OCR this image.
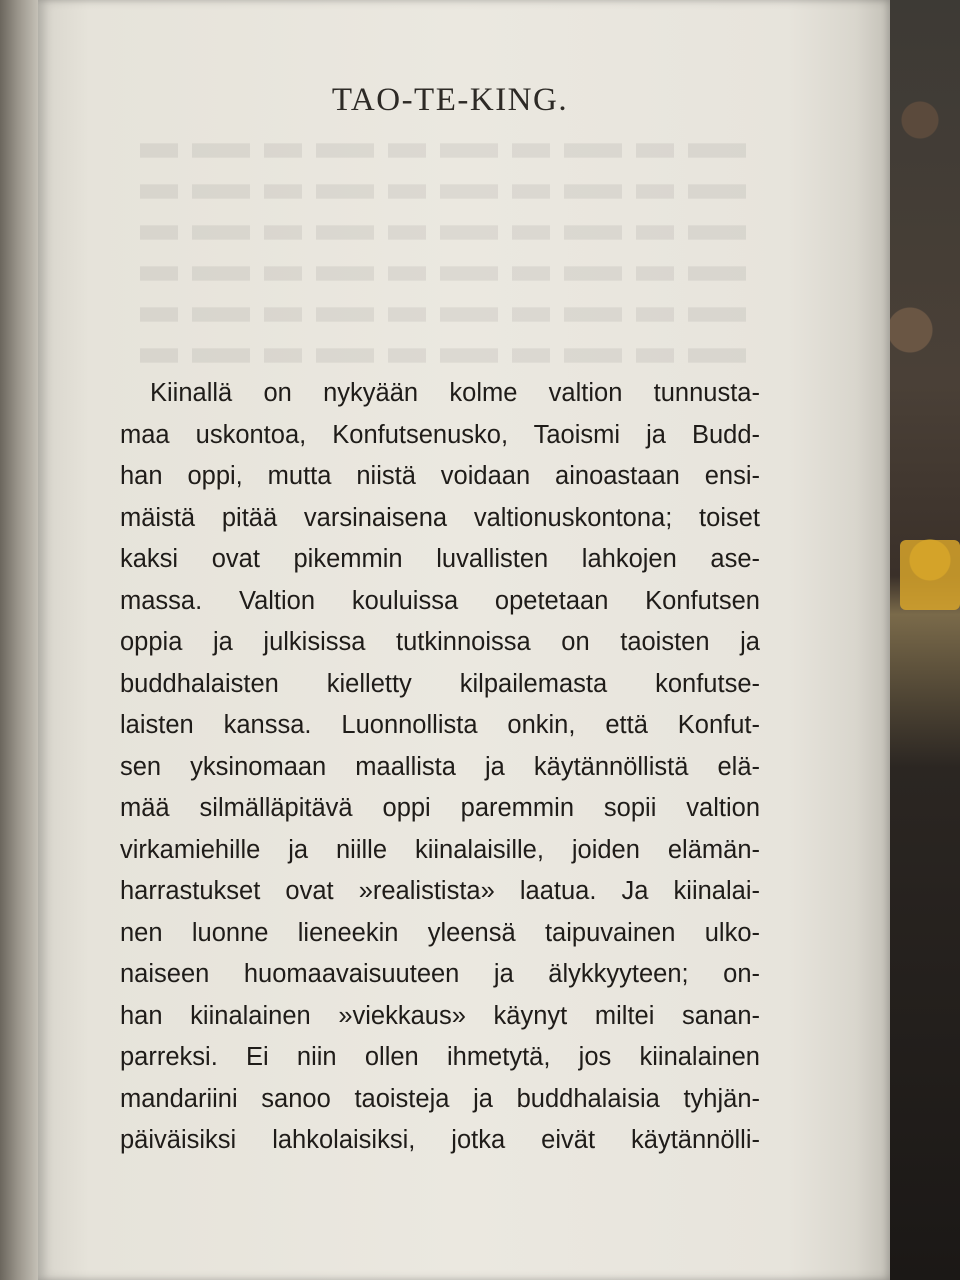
TAO-TE-KING.
Kiinallä on nykyään kolme valtion tunnusta-
maa uskontoa, Konfutsenusko, Taoismi ja Budd-
han oppi, mutta niistä voidaan ainoastaan ensi-
mäistä pitää varsinaisena valtionuskontona; toiset
kaksi ovat pikemmin luvallisten lahkojen ase-
massa. Valtion kouluissa opetetaan Konfutsen
oppia ja julkisissa tutkinnoissa on taoisten ja
buddhalaisten kielletty kilpailemasta konfutse-
laisten kanssa. Luonnollista onkin, että Konfut-
sen yksinomaan maallista ja käytännöllistä elä-
mää silmälläpitävä oppi paremmin sopii valtion
virkamiehille ja niille kiinalaisille, joiden elämän-
harrastukset ovat »realistista» laatua. Ja kiinalai-
nen luonne lieneekin yleensä taipuvainen ulko-
naiseen huomaavaisuuteen ja älykkyyteen; on-
han kiinalainen »viekkaus» käynyt miltei sanan-
parreksi. Ei niin ollen ihmetytä, jos kiinalainen
mandariini sanoo taoisteja ja buddhalaisia tyhjän-
päiväisiksi lahkolaisiksi, jotka eivät käytännölli-
